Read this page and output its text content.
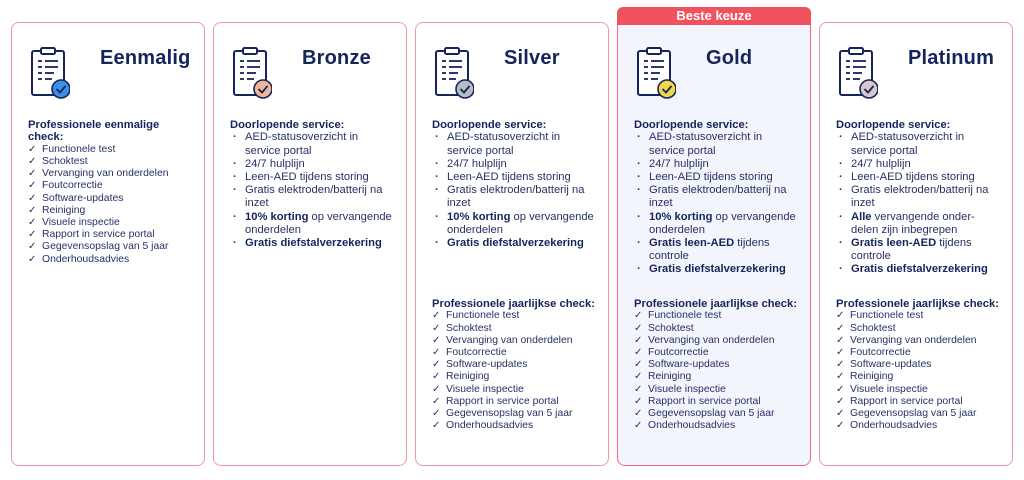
Eenmalig
Professionele eenmalige check:
✓ Functionele test
✓ Schoktest
✓ Vervanging van onderdelen
✓ Foutcorrectie
✓ Software-updates
✓ Reiniging
✓ Visuele inspectie
✓ Rapport in service portal
✓ Gegevensopslag van 5 jaar
✓ Onderhoudsadvies
Bronze
Doorlopende service:
· AED-statusoverzicht in service portal
· 24/7 hulplijn
· Leen-AED tijdens storing
· Gratis elektroden/batterij na inzet
· 10% korting op vervangende onderdelen
· Gratis diefstalverzekering
Silver
Doorlopende service:
· AED-statusoverzicht in service portal
· 24/7 hulplijn
· Leen-AED tijdens storing
· Gratis elektroden/batterij na inzet
· 10% korting op vervangende onderdelen
· Gratis diefstalverzekering
Professionele jaarlijkse check:
✓ Functionele test
✓ Schoktest
✓ Vervanging van onderdelen
✓ Foutcorrectie
✓ Software-updates
✓ Reiniging
✓ Visuele inspectie
✓ Rapport in service portal
✓ Gegevensopslag van 5 jaar
✓ Onderhoudsadvies
Beste keuze
Gold
Doorlopende service:
· AED-statusoverzicht in service portal
· 24/7 hulplijn
· Leen-AED tijdens storing
· Gratis elektroden/batterij na inzet
· 10% korting op vervangende onderdelen
· Gratis leen-AED tijdens controle
· Gratis diefstalverzekering
Professionele jaarlijkse check:
✓ Functionele test
✓ Schoktest
✓ Vervanging van onderdelen
✓ Foutcorrectie
✓ Software-updates
✓ Reiniging
✓ Visuele inspectie
✓ Rapport in service portal
✓ Gegevensopslag van 5 jaar
✓ Onderhoudsadvies
Platinum
Doorlopende service:
· AED-statusoverzicht in service portal
· 24/7 hulplijn
· Leen-AED tijdens storing
· Gratis elektroden/batterij na inzet
· Alle vervangende onder-delen zijn inbegrepen
· Gratis leen-AED tijdens controle
· Gratis diefstalverzekering
Professionele jaarlijkse check:
✓ Functionele test
✓ Schoktest
✓ Vervanging van onderdelen
✓ Foutcorrectie
✓ Software-updates
✓ Reiniging
✓ Visuele inspectie
✓ Rapport in service portal
✓ Gegevensopslag van 5 jaar
✓ Onderhoudsadvies
